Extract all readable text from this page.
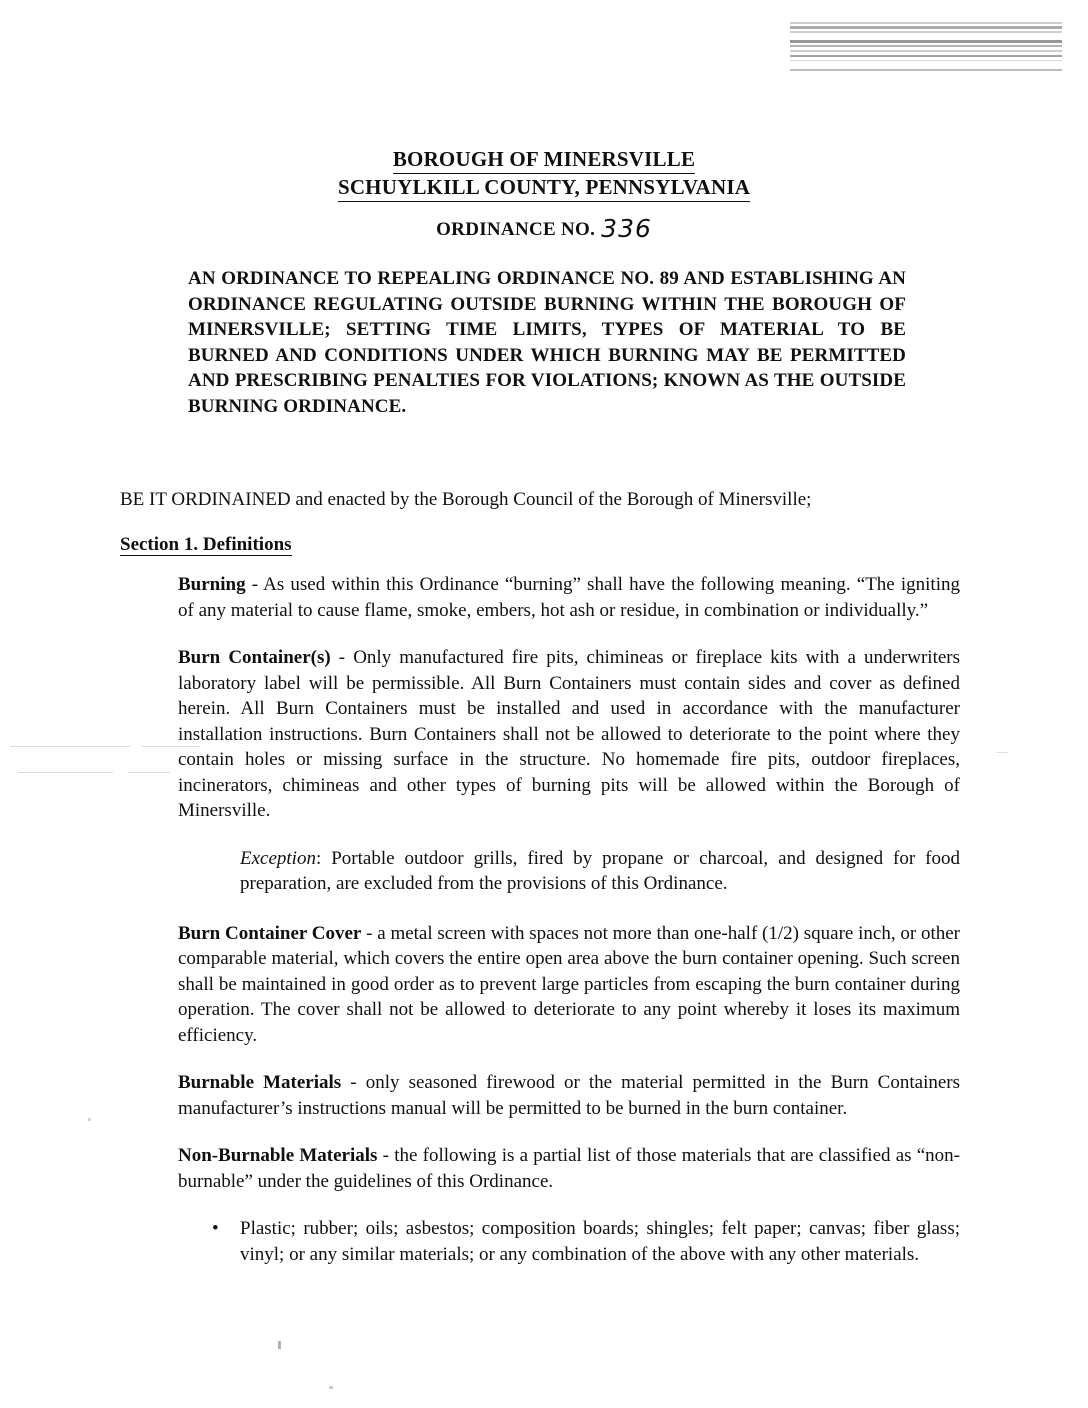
BOROUGH OF MINERSVILLE
SCHUYLKILL COUNTY, PENNSYLVANIA
ORDINANCE NO. 336
AN ORDINANCE TO REPEALING ORDINANCE NO. 89 AND ESTABLISHING AN ORDINANCE REGULATING OUTSIDE BURNING WITHIN THE BOROUGH OF MINERSVILLE; SETTING TIME LIMITS, TYPES OF MATERIAL TO BE BURNED AND CONDITIONS UNDER WHICH BURNING MAY BE PERMITTED AND PRESCRIBING PENALTIES FOR VIOLATIONS; KNOWN AS THE OUTSIDE BURNING ORDINANCE.
BE IT ORDINAINED and enacted by the Borough Council of the Borough of Minersville;
Section 1. Definitions

Burning - As used within this Ordinance “burning” shall have the following meaning. “The igniting of any material to cause flame, smoke, embers, hot ash or residue, in combination or individually.”

Burn Container(s) - Only manufactured fire pits, chimineas or fireplace kits with a underwriters laboratory label will be permissible. All Burn Containers must contain sides and cover as defined herein. All Burn Containers must be installed and used in accordance with the manufacturer installation instructions. Burn Containers shall not be allowed to deteriorate to the point where they contain holes or missing surface in the structure. No homemade fire pits, outdoor fireplaces, incinerators, chimineas and other types of burning pits will be allowed within the Borough of Minersville.

Exception: Portable outdoor grills, fired by propane or charcoal, and designed for food preparation, are excluded from the provisions of this Ordinance.

Burn Container Cover - a metal screen with spaces not more than one-half (1/2) square inch, or other comparable material, which covers the entire open area above the burn container opening. Such screen shall be maintained in good order as to prevent large particles from escaping the burn container during operation. The cover shall not be allowed to deteriorate to any point whereby it loses its maximum efficiency.

Burnable Materials - only seasoned firewood or the material permitted in the Burn Containers manufacturer’s instructions manual will be permitted to be burned in the burn container.

Non-Burnable Materials - the following is a partial list of those materials that are classified as “non-burnable” under the guidelines of this Ordinance.

• Plastic; rubber; oils; asbestos; composition boards; shingles; felt paper; canvas; fiber glass; vinyl; or any similar materials; or any combination of the above with any other materials.
